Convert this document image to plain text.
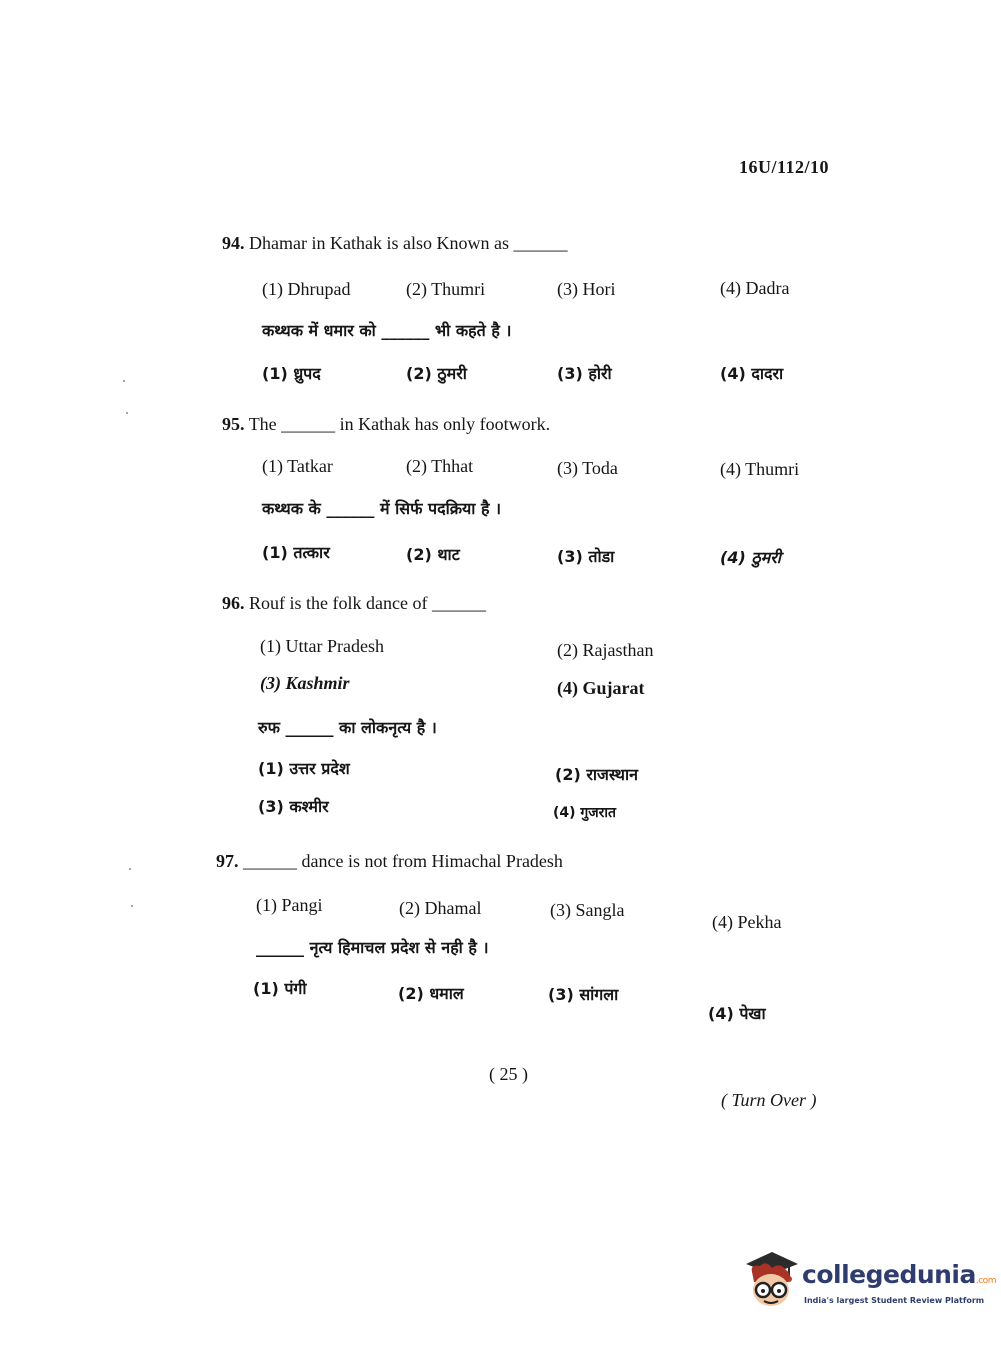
16U/112/10
94. Dhamar in Kathak is also Known as ______
(1) Dhrupad	(2) Thumri	(3) Hori	(4) Dadra
कथ्थक में धमार को ______ भी कहते है ।
(1) ध्रुपद	(2) ठुमरी	(3) होरी	(4) दादरा
95. The ______ in Kathak has only footwork.
(1) Tatkar	(2) Thhat	(3) Toda	(4) Thumri
कथ्थक के ______ में सिर्फ पदक्रिया है ।
(1) तत्कार	(2) थाट	(3) तोडा	(4) ठुमरी
96. Rouf is the folk dance of ______
(1) Uttar Pradesh	(2) Rajasthan
(3) Kashmir	(4) Gujarat
रुफ ______ का लोकनृत्य है ।
(1) उत्तर प्रदेश	(2) राजस्थान
(3) कश्मीर	(4) गुजरात
97. ______ dance is not from Himachal Pradesh
(1) Pangi	(2) Dhamal	(3) Sangla
(4) Pekha
______ नृत्य हिमाचल प्रदेश से नही है ।
(1) पंगी	(2) धमाल	(3) सांगला
(4) पेखा
( 25 )
( Turn Over )
collegedunia.com
India's largest Student Review Platform
